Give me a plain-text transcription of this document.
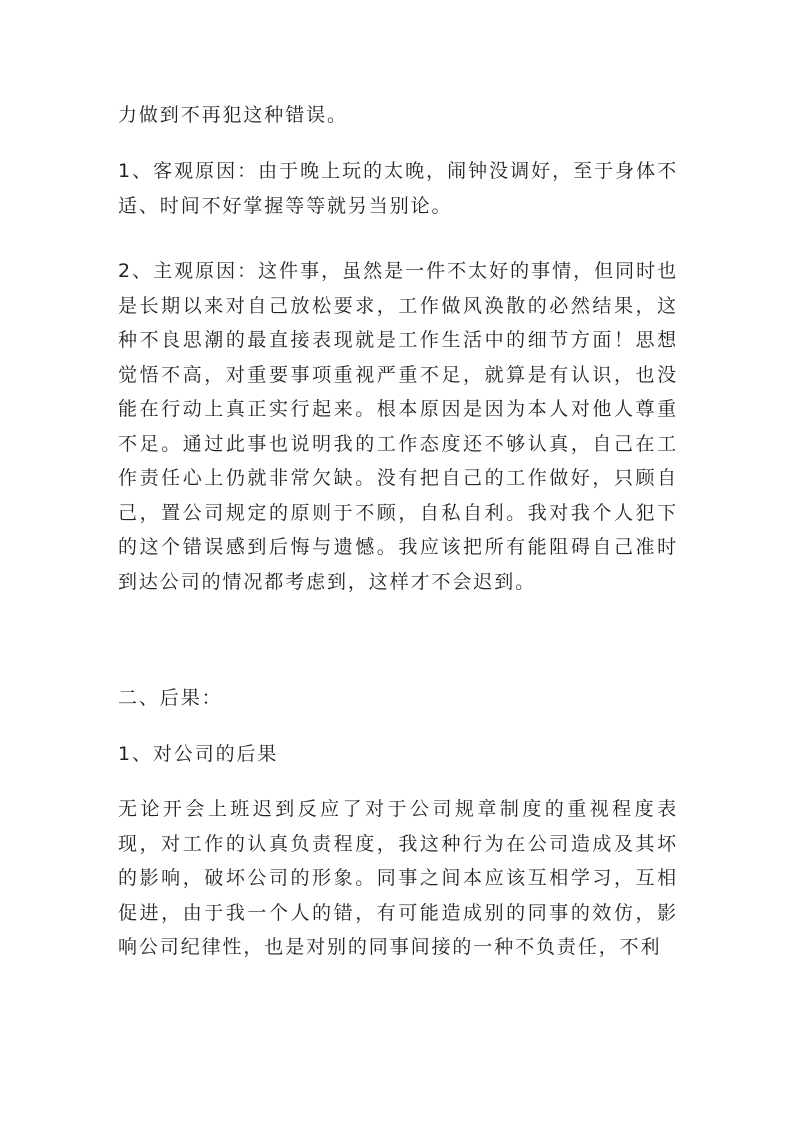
力做到不再犯这种错误。

1、客观原因：由于晚上玩的太晚，闹钟没调好，至于身体不适、时间不好掌握等等就另当别论。

2、主观原因：这件事，虽然是一件不太好的事情，但同时也是长期以来对自己放松要求，工作做风涣散的必然结果，这种不良思潮的最直接表现就是工作生活中的细节方面！思想觉悟不高，对重要事项重视严重不足，就算是有认识，也没能在行动上真正实行起来。根本原因是因为本人对他人尊重不足。通过此事也说明我的工作态度还不够认真，自己在工作责任心上仍就非常欠缺。没有把自己的工作做好，只顾自己，置公司规定的原则于不顾，自私自利。我对我个人犯下的这个错误感到后悔与遗憾。我应该把所有能阻碍自己准时到达公司的情况都考虑到，这样才不会迟到。

二、后果：

1、对公司的后果

无论开会上班迟到反应了对于公司规章制度的重视程度表现，对工作的认真负责程度，我这种行为在公司造成及其坏的影响，破坏公司的形象。同事之间本应该互相学习，互相促进，由于我一个人的错，有可能造成别的同事的效仿，影响公司纪律性，也是对别的同事间接的一种不负责任，不利
